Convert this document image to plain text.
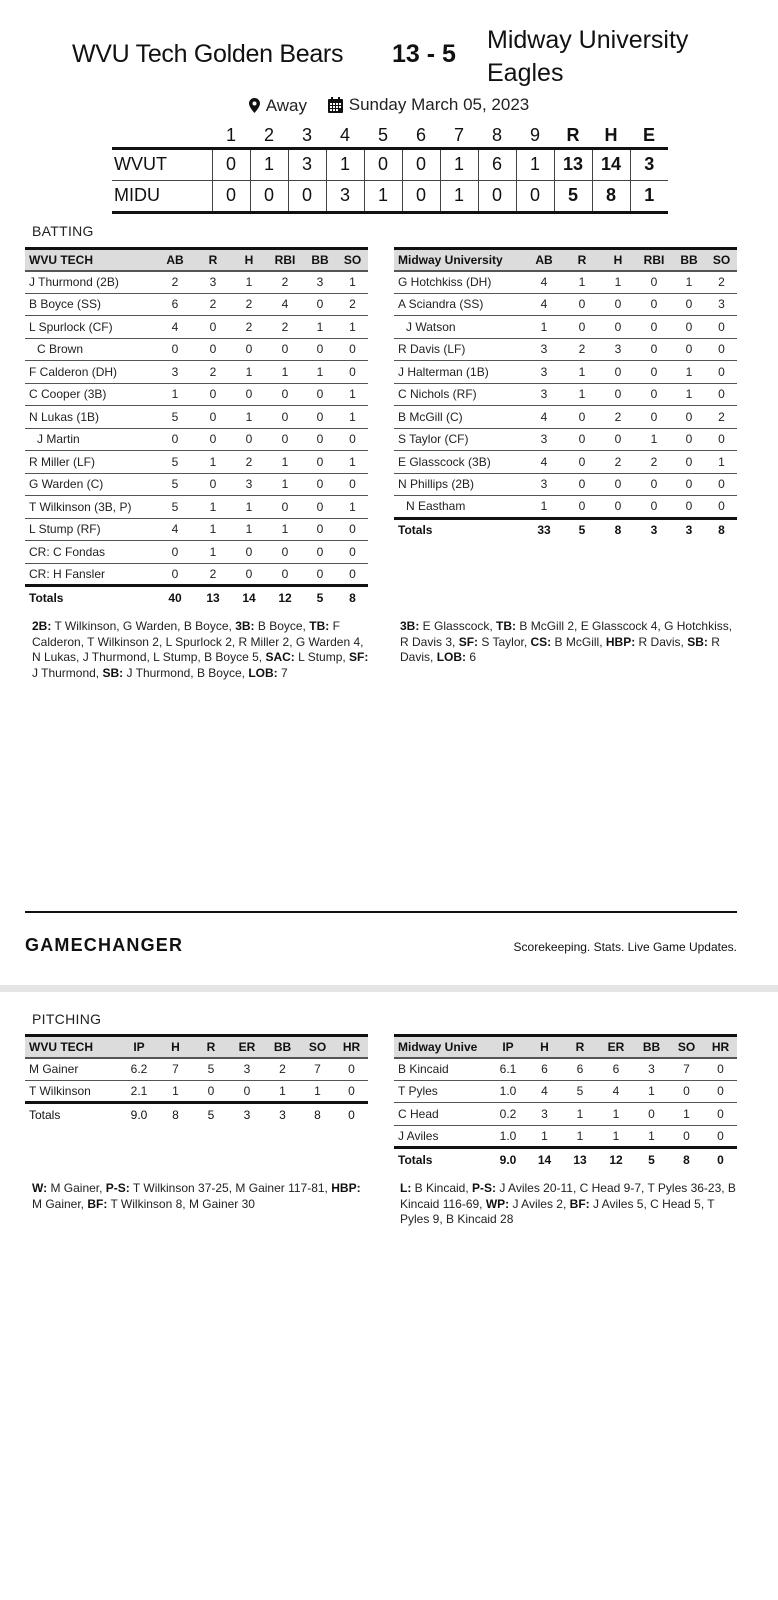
WVU Tech Golden Bears 13 - 5 Midway University Eagles
Away
Sunday March 05, 2023
	1	2	3	4	5	6	7	8	9	R	H	E
WVUT	0	1	3	1	0	0	1	6	1	13	14	3
MIDU	0	0	0	3	1	0	1	0	0	5	8	1
BATTING
WVU TECH	AB	R	H	RBI	BB	SO
J Thurmond (2B)	2	3	1	2	3	1
B Boyce (SS)	6	2	2	4	0	2
L Spurlock (CF)	4	0	2	2	1	1
C Brown	0	0	0	0	0	0
F Calderon (DH)	3	2	1	1	1	0
C Cooper (3B)	1	0	0	0	0	1
N Lukas (1B)	5	0	1	0	0	1
J Martin	0	0	0	0	0	0
R Miller (LF)	5	1	2	1	0	1
G Warden (C)	5	0	3	1	0	0
T Wilkinson (3B, P)	5	1	1	0	0	1
L Stump (RF)	4	1	1	1	0	0
CR: C Fondas	0	1	0	0	0	0
CR: H Fansler	0	2	0	0	0	0
Totals	40	13	14	12	5	8
Midway University	AB	R	H	RBI	BB	SO
G Hotchkiss (DH)	4	1	1	0	1	2
A Sciandra (SS)	4	0	0	0	0	3
J Watson	1	0	0	0	0	0
R Davis (LF)	3	2	3	0	0	0
J Halterman (1B)	3	1	0	0	1	0
C Nichols (RF)	3	1	0	0	1	0
B McGill (C)	4	0	2	0	0	2
S Taylor (CF)	3	0	0	1	0	0
E Glasscock (3B)	4	0	2	2	0	1
N Phillips (2B)	3	0	0	0	0	0
N Eastham	1	0	0	0	0	0
Totals	33	5	8	3	3	8
2B: T Wilkinson, G Warden, B Boyce, 3B: B Boyce, TB: F Calderon, T Wilkinson 2, L Spurlock 2, R Miller 2, G Warden 4, N Lukas, J Thurmond, L Stump, B Boyce 5, SAC: L Stump, SF: J Thurmond, SB: J Thurmond, B Boyce, LOB: 7
3B: E Glasscock, TB: B McGill 2, E Glasscock 4, G Hotchkiss, R Davis 3, SF: S Taylor, CS: B McGill, HBP: R Davis, SB: R Davis, LOB: 6
GAMECHANGER	Scorekeeping. Stats. Live Game Updates.
PITCHING
WVU TECH	IP	H	R	ER	BB	SO	HR
M Gainer	6.2	7	5	3	2	7	0
T Wilkinson	2.1	1	0	0	1	1	0
Totals	9.0	8	5	3	3	8	0
Midway Unive	IP	H	R	ER	BB	SO	HR
B Kincaid	6.1	6	6	6	3	7	0
T Pyles	1.0	4	5	4	1	0	0
C Head	0.2	3	1	1	0	1	0
J Aviles	1.0	1	1	1	1	0	0
Totals	9.0	14	13	12	5	8	0
W: M Gainer, P-S: T Wilkinson 37-25, M Gainer 117-81, HBP: M Gainer, BF: T Wilkinson 8, M Gainer 30
L: B Kincaid, P-S: J Aviles 20-11, C Head 9-7, T Pyles 36-23, B Kincaid 116-69, WP: J Aviles 2, BF: J Aviles 5, C Head 5, T Pyles 9, B Kincaid 28
